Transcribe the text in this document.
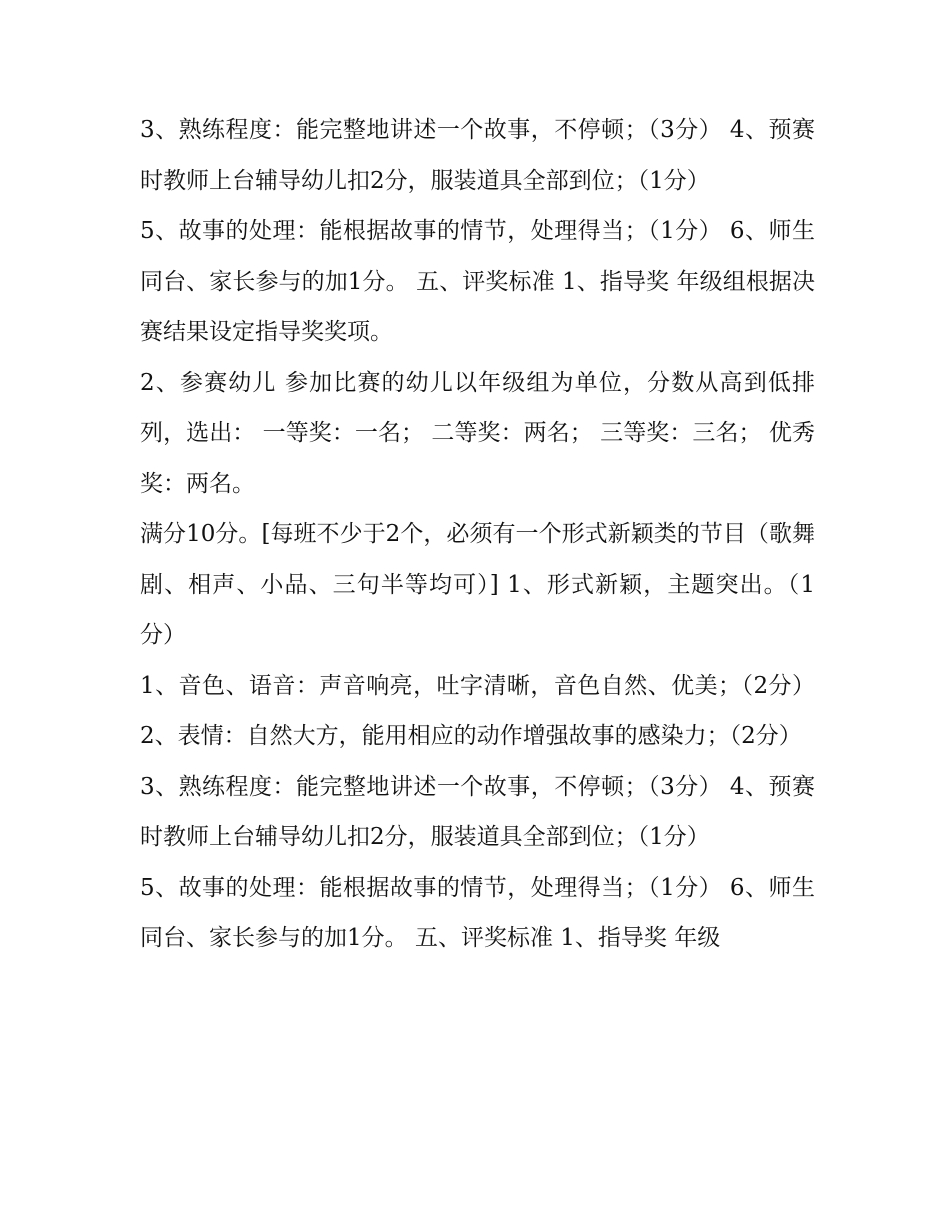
3、熟练程度：能完整地讲述一个故事，不停顿；（3分） 4、预赛时教师上台辅导幼儿扣2分，服装道具全部到位；（1分）

5、故事的处理：能根据故事的情节，处理得当；（1分） 6、师生同台、家长参与的加1分。 五、评奖标准 1、指导奖 年级组根据决赛结果设定指导奖奖项。

2、参赛幼儿 参加比赛的幼儿以年级组为单位，分数从高到低排列，选出： 一等奖：一名； 二等奖：两名； 三等奖：三名； 优秀奖：两名。

满分10分。[每班不少于2个，必须有一个形式新颖类的节目（歌舞剧、相声、小品、三句半等均可）] 1、形式新颖，主题突出。（1分）

1、音色、语音：声音响亮，吐字清晰，音色自然、优美；（2分） 2、表情：自然大方，能用相应的动作增强故事的感染力；（2分）

3、熟练程度：能完整地讲述一个故事，不停顿；（3分） 4、预赛时教师上台辅导幼儿扣2分，服装道具全部到位；（1分）

5、故事的处理：能根据故事的情节，处理得当；（1分） 6、师生同台、家长参与的加1分。 五、评奖标准 1、指导奖 年级
